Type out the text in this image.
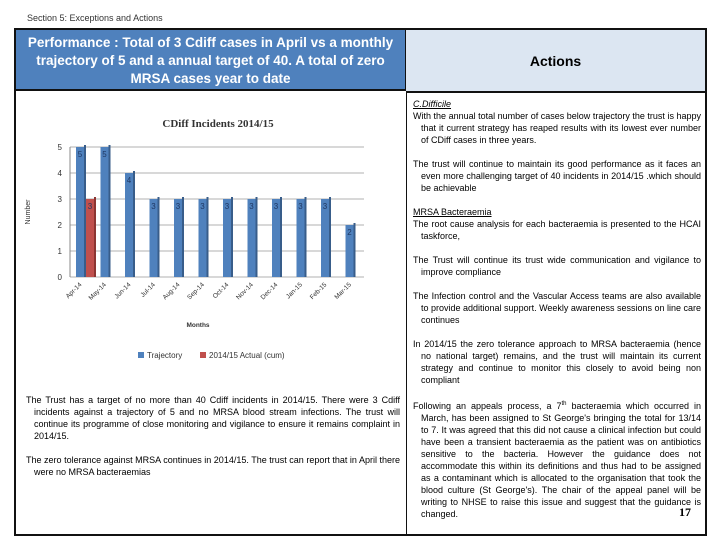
Section 5: Exceptions and Actions
Performance : Total of 3 Cdiff cases in April vs a monthly trajectory of 5 and a annual target of 40. A total of zero MRSA cases year to date
Actions
CDiff Incidents 2014/15
0
1
2
3
4
5
Number
5
3
Apr-14
5
May-14
4
Jun-14
3
Jul-14
3
Aug-14
3
Sep-14
3
Oct-14
3
Nov-14
3
Dec-14
3
Jan-15
3
Feb-15
2
Mar-15
Months
Trajectory	2014/15 Actual (cum)

The Trust has a target of no more than 40 Cdiff incidents in 2014/15. There were 3 Cdiff incidents against a trajectory of 5 and no MRSA blood stream infections. The trust will continue its programme of close monitoring and vigilance to ensure it remains complaint in 2014/15.

The zero tolerance against MRSA continues in 2014/15. The trust can report that in April there were no MRSA bacteraemias

C.Difficile

With the annual total number of cases below trajectory the trust is happy that it current strategy has reaped results with its lowest ever number of CDiff cases in three years.

The trust will continue to maintain its good performance as it faces an even more challenging target of 40 incidents in 2014/15 .which should be achievable

MRSA Bacteraemia

The root cause analysis for each bacteraemia is presented to the HCAI taskforce,

The Trust will continue its trust wide communication and vigilance to improve compliance

The Infection control and the Vascular Access teams are also available to provide additional support. Weekly awareness sessions on line care continues

In 2014/15 the zero tolerance approach to MRSA bacteraemia (hence no national target) remains, and the trust will maintain its current strategy and continue to monitor this closely to avoid being non compliant

Following an appeals process, a 7th bacteraemia which occurred in March, has been assigned to St George's bringing the total for 13/14 to 7. It was agreed that this did not cause a clinical infection but could have been a transient bacteraemia as the patient was on antibiotics sensitive to the bacteria. However the guidance does not accommodate this within its definitions and thus had to be assigned as a contaminant which is allocated to the organisation that took the blood culture (St George's). The chair of the appeal panel will be writing to NHSE to raise this issue and suggest that the guidance is changed.	17
